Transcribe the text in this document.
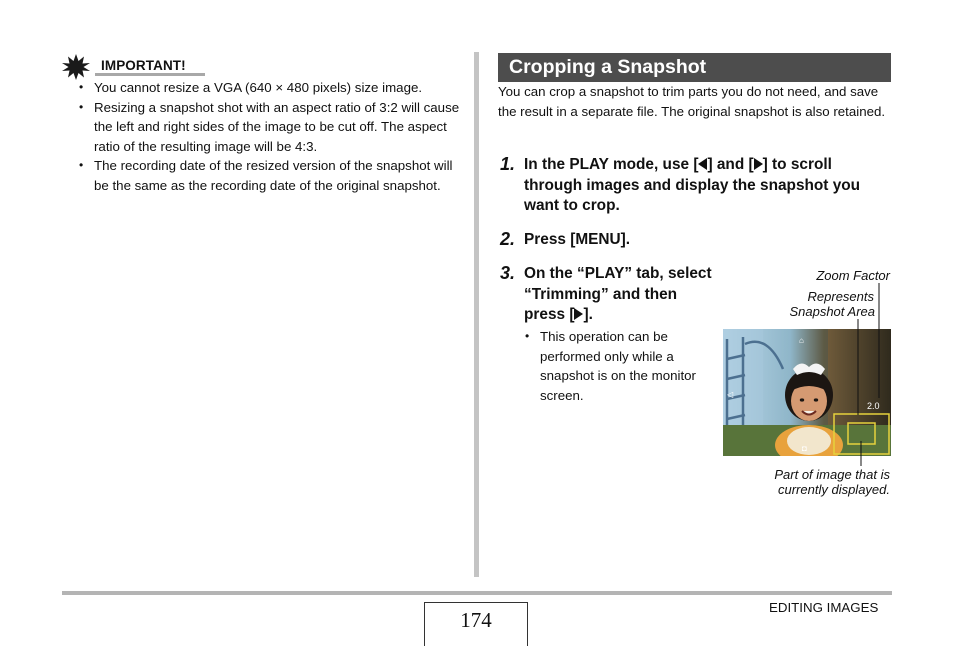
IMPORTANT!
• You cannot resize a VGA (640 × 480 pixels) size image.
• Resizing a snapshot shot with an aspect ratio of 3:2 will cause the left and right sides of the image to be cut off. The aspect ratio of the resulting image will be 4:3.
• The recording date of the resized version of the snapshot will be the same as the recording date of the original snapshot.
Cropping a Snapshot
You can crop a snapshot to trim parts you do not need, and save the result in a separate file. The original snapshot is also retained.
1. In the PLAY mode, use [ ] and [ ] to scroll through images and display the snapshot you want to crop.
2. Press [MENU].
3. On the “PLAY” tab, select “Trimming” and then press [ ].
• This operation can be performed only while a snapshot is on the monitor screen.
Zoom Factor
Represents
Snapshot Area
Part of image that is
currently displayed.
⌂
◁
◘
2.0
174
EDITING IMAGES
